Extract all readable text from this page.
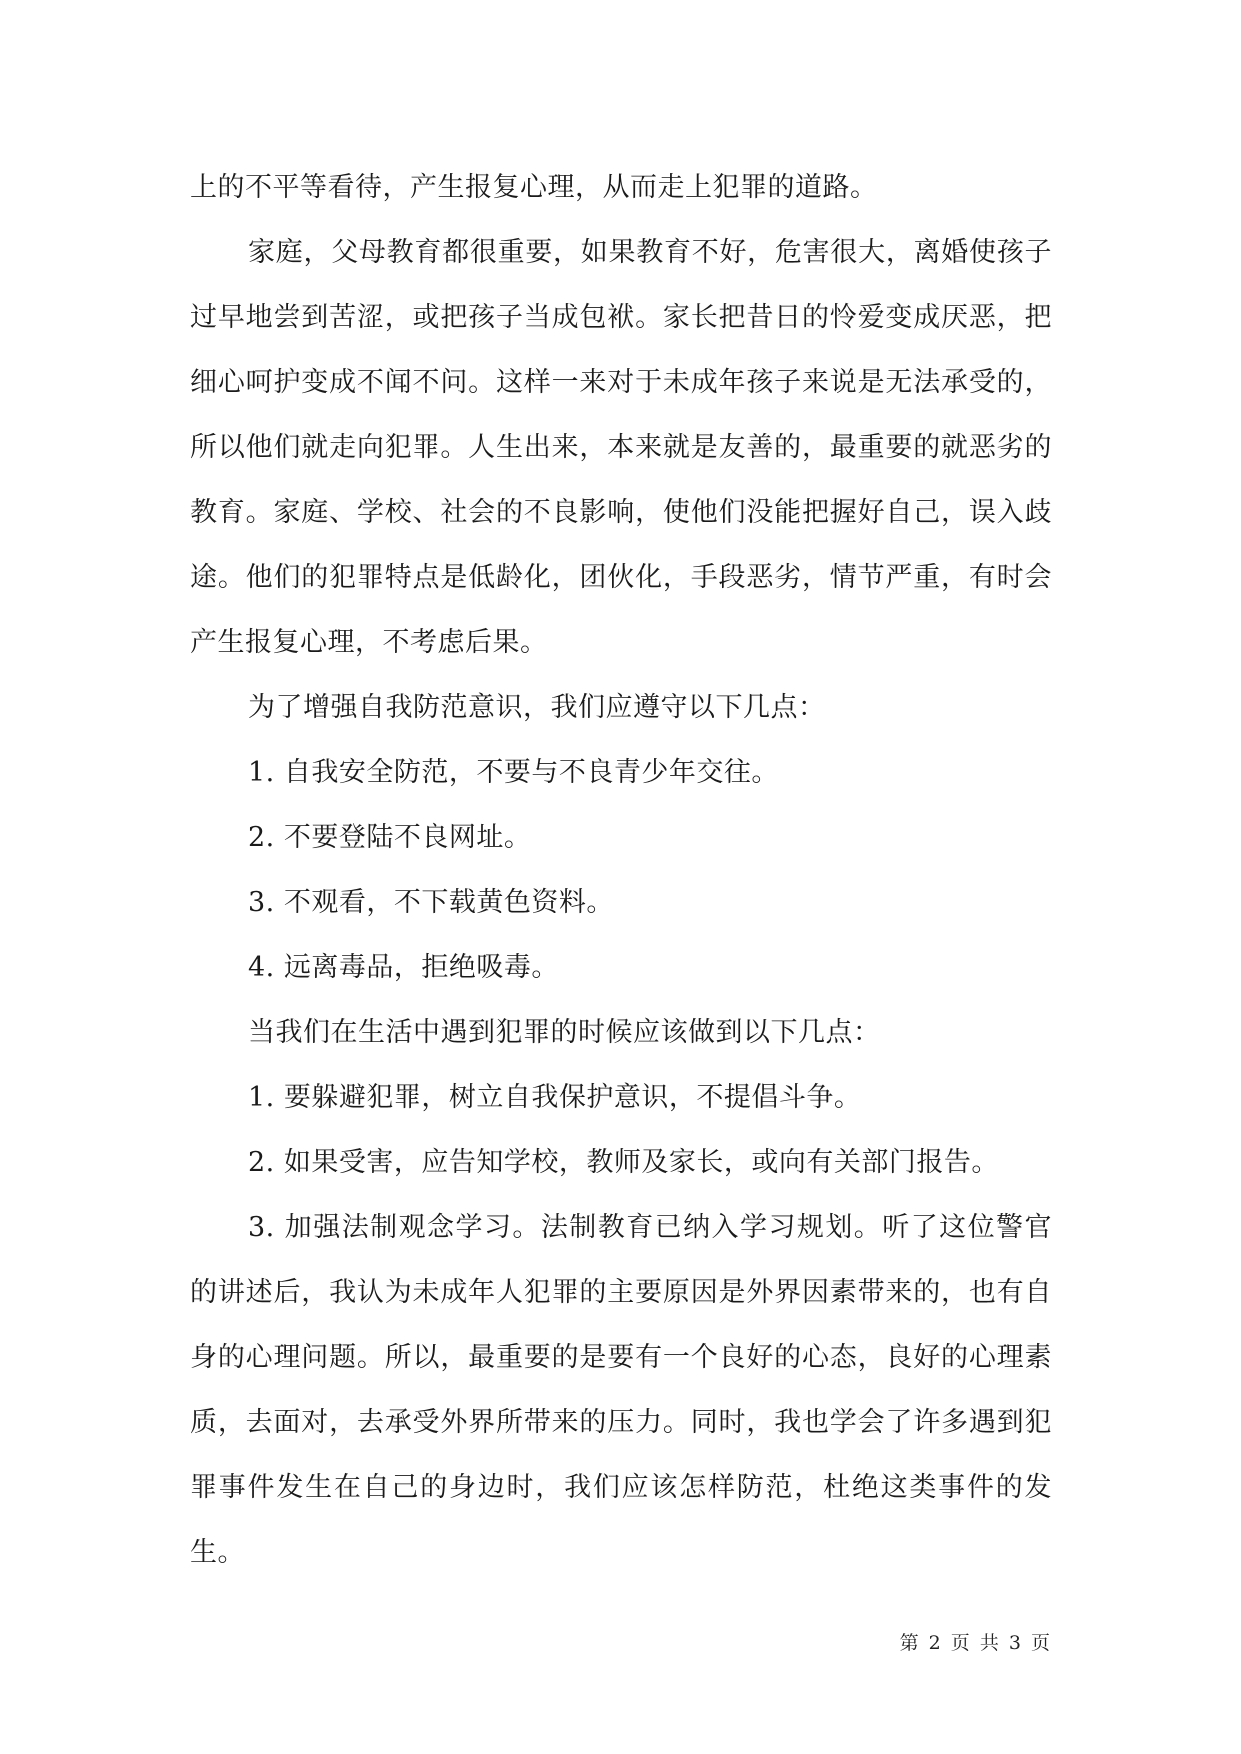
上的不平等看待，产生报复心理，从而走上犯罪的道路。

家庭，父母教育都很重要，如果教育不好，危害很大，离婚使孩子过早地尝到苦涩，或把孩子当成包袱。家长把昔日的怜爱变成厌恶，把细心呵护变成不闻不问。这样一来对于未成年孩子来说是无法承受的，所以他们就走向犯罪。人生出来，本来就是友善的，最重要的就恶劣的教育。家庭、学校、社会的不良影响，使他们没能把握好自己，误入歧途。他们的犯罪特点是低龄化，团伙化，手段恶劣，情节严重，有时会产生报复心理，不考虑后果。

为了增强自我防范意识，我们应遵守以下几点：

1. 自我安全防范，不要与不良青少年交往。

2. 不要登陆不良网址。

3. 不观看，不下载黄色资料。

4. 远离毒品，拒绝吸毒。

当我们在生活中遇到犯罪的时候应该做到以下几点：

1. 要躲避犯罪，树立自我保护意识，不提倡斗争。

2. 如果受害，应告知学校，教师及家长，或向有关部门报告。

3. 加强法制观念学习。法制教育已纳入学习规划。听了这位警官的讲述后，我认为未成年人犯罪的主要原因是外界因素带来的，也有自身的心理问题。所以，最重要的是要有一个良好的心态，良好的心理素质，去面对，去承受外界所带来的压力。同时，我也学会了许多遇到犯罪事件发生在自己的身边时，我们应该怎样防范，杜绝这类事件的发生。

第 2 页 共 3 页
